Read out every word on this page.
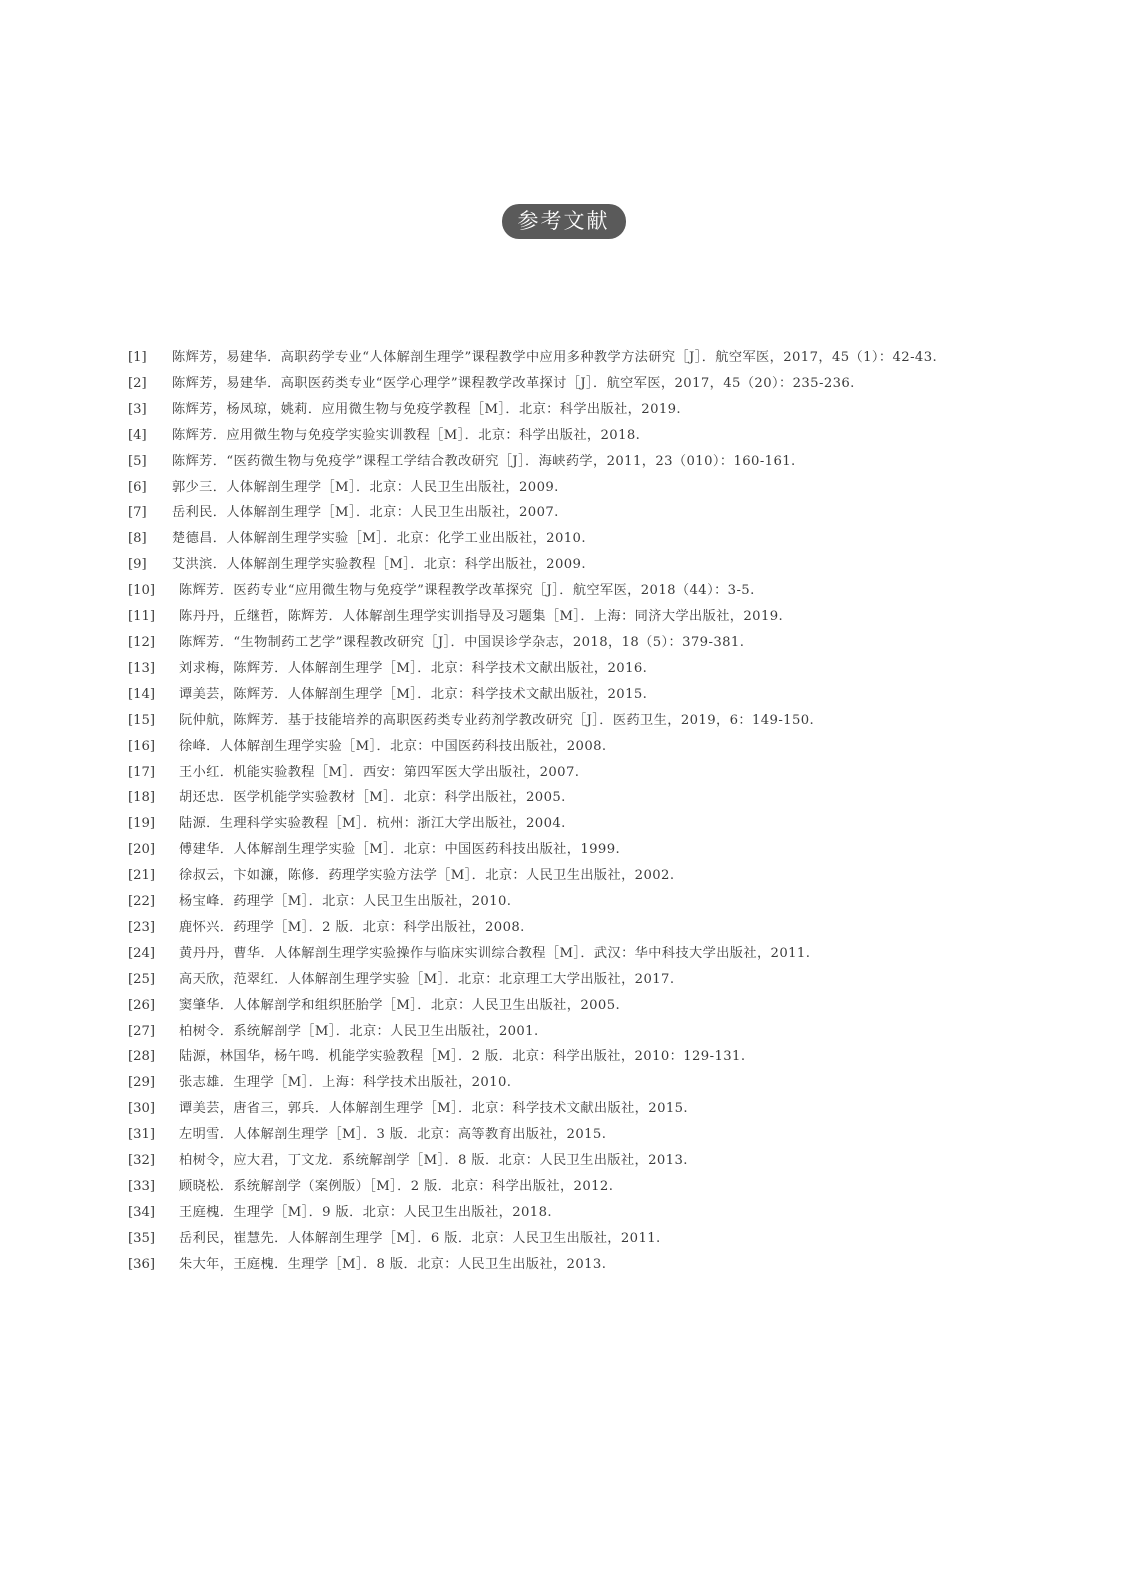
参考文献
[1]	陈辉芳，易建华．高职药学专业“人体解剖生理学”课程教学中应用多种教学方法研究［J］．航空军医，2017，45（1）：42-43.
[2]	陈辉芳，易建华．高职医药类专业“医学心理学”课程教学改革探讨［J］．航空军医，2017，45（20）：235-236.
[3]	陈辉芳，杨凤琼，姚莉．应用微生物与免疫学教程［M］．北京：科学出版社，2019.
[4]	陈辉芳．应用微生物与免疫学实验实训教程［M］．北京：科学出版社，2018.
[5]	陈辉芳．“医药微生物与免疫学”课程工学结合教改研究［J］．海峡药学，2011，23（010）：160-161.
[6]	郭少三．人体解剖生理学［M］．北京：人民卫生出版社，2009.
[7]	岳利民．人体解剖生理学［M］．北京：人民卫生出版社，2007.
[8]	楚德昌．人体解剖生理学实验［M］．北京：化学工业出版社，2010.
[9]	艾洪滨．人体解剖生理学实验教程［M］．北京：科学出版社，2009.
[10]	陈辉芳．医药专业“应用微生物与免疫学”课程教学改革探究［J］．航空军医，2018（44）：3-5.
[11]	陈丹丹，丘继哲，陈辉芳．人体解剖生理学实训指导及习题集［M］．上海：同济大学出版社，2019.
[12]	陈辉芳．“生物制药工艺学”课程教改研究［J］．中国误诊学杂志，2018，18（5）：379-381.
[13]	刘求梅，陈辉芳．人体解剖生理学［M］．北京：科学技术文献出版社，2016.
[14]	谭美芸，陈辉芳．人体解剖生理学［M］．北京：科学技术文献出版社，2015.
[15]	阮仲航，陈辉芳．基于技能培养的高职医药类专业药剂学教改研究［J］．医药卫生，2019，6：149-150.
[16]	徐峰．人体解剖生理学实验［M］．北京：中国医药科技出版社，2008.
[17]	王小红．机能实验教程［M］．西安：第四军医大学出版社，2007.
[18]	胡还忠．医学机能学实验教材［M］．北京：科学出版社，2005.
[19]	陆源．生理科学实验教程［M］．杭州：浙江大学出版社，2004.
[20]	傅建华．人体解剖生理学实验［M］．北京：中国医药科技出版社，1999.
[21]	徐叔云，卞如濂，陈修．药理学实验方法学［M］．北京：人民卫生出版社，2002.
[22]	杨宝峰．药理学［M］．北京：人民卫生出版社，2010.
[23]	鹿怀兴．药理学［M］．2 版．北京：科学出版社，2008.
[24]	黄丹丹，曹华．人体解剖生理学实验操作与临床实训综合教程［M］．武汉：华中科技大学出版社，2011.
[25]	高天欣，范翠红．人体解剖生理学实验［M］．北京：北京理工大学出版社，2017.
[26]	窦肇华．人体解剖学和组织胚胎学［M］．北京：人民卫生出版社，2005.
[27]	柏树令．系统解剖学［M］．北京：人民卫生出版社，2001.
[28]	陆源，林国华，杨午鸣．机能学实验教程［M］．2 版．北京：科学出版社，2010：129-131.
[29]	张志雄．生理学［M］．上海：科学技术出版社，2010.
[30]	谭美芸，唐省三，郭兵．人体解剖生理学［M］．北京：科学技术文献出版社，2015.
[31]	左明雪．人体解剖生理学［M］．3 版．北京：高等教育出版社，2015.
[32]	柏树令，应大君，丁文龙．系统解剖学［M］．8 版．北京：人民卫生出版社，2013.
[33]	顾晓松．系统解剖学（案例版）［M］．2 版．北京：科学出版社，2012.
[34]	王庭槐．生理学［M］．9 版．北京：人民卫生出版社，2018.
[35]	岳利民，崔慧先．人体解剖生理学［M］．6 版．北京：人民卫生出版社，2011.
[36]	朱大年，王庭槐．生理学［M］．8 版．北京：人民卫生出版社，2013.
